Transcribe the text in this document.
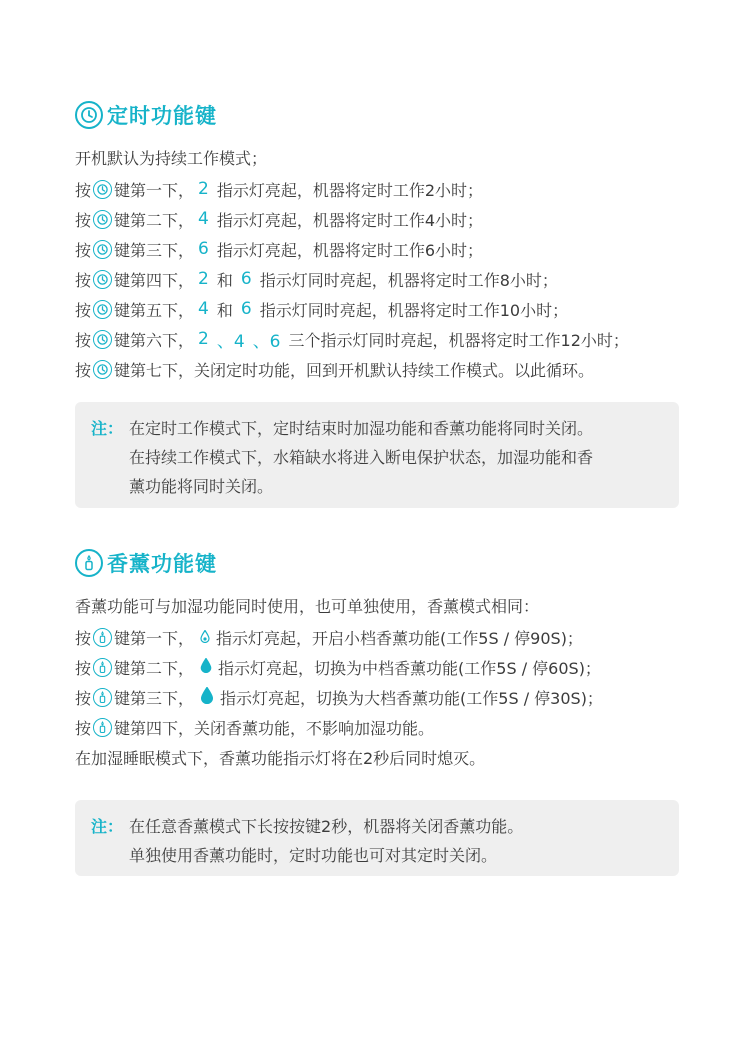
定时功能键
开机默认为持续工作模式；
按 键第一下， 2 指示灯亮起，机器将定时工作2小时；
按 键第二下， 4 指示灯亮起，机器将定时工作4小时；
按 键第三下， 6 指示灯亮起，机器将定时工作6小时；
按 键第四下， 2 和 6 指示灯同时亮起，机器将定时工作8小时；
按 键第五下， 4 和 6 指示灯同时亮起，机器将定时工作10小时；
按 键第六下， 2 、4 、6 三个指示灯同时亮起，机器将定时工作12小时；
按 键第七下，关闭定时功能，回到开机默认持续工作模式。以此循环。
注： 在定时工作模式下，定时结束时加湿功能和香薰功能将同时关闭。
在持续工作模式下，水箱缺水将进入断电保护状态，加湿功能和香
薰功能将同时关闭。
香薰功能键
香薰功能可与加湿功能同时使用，也可单独使用，香薰模式相同：
按 键第一下， 指示灯亮起，开启小档香薰功能(工作5S / 停90S)；
按 键第二下， 指示灯亮起，切换为中档香薰功能(工作5S / 停60S)；
按 键第三下， 指示灯亮起，切换为大档香薰功能(工作5S / 停30S)；
按 键第四下，关闭香薰功能，不影响加湿功能。
在加湿睡眠模式下，香薰功能指示灯将在2秒后同时熄灭。
注： 在任意香薰模式下长按按键2秒，机器将关闭香薰功能。
单独使用香薰功能时，定时功能也可对其定时关闭。
